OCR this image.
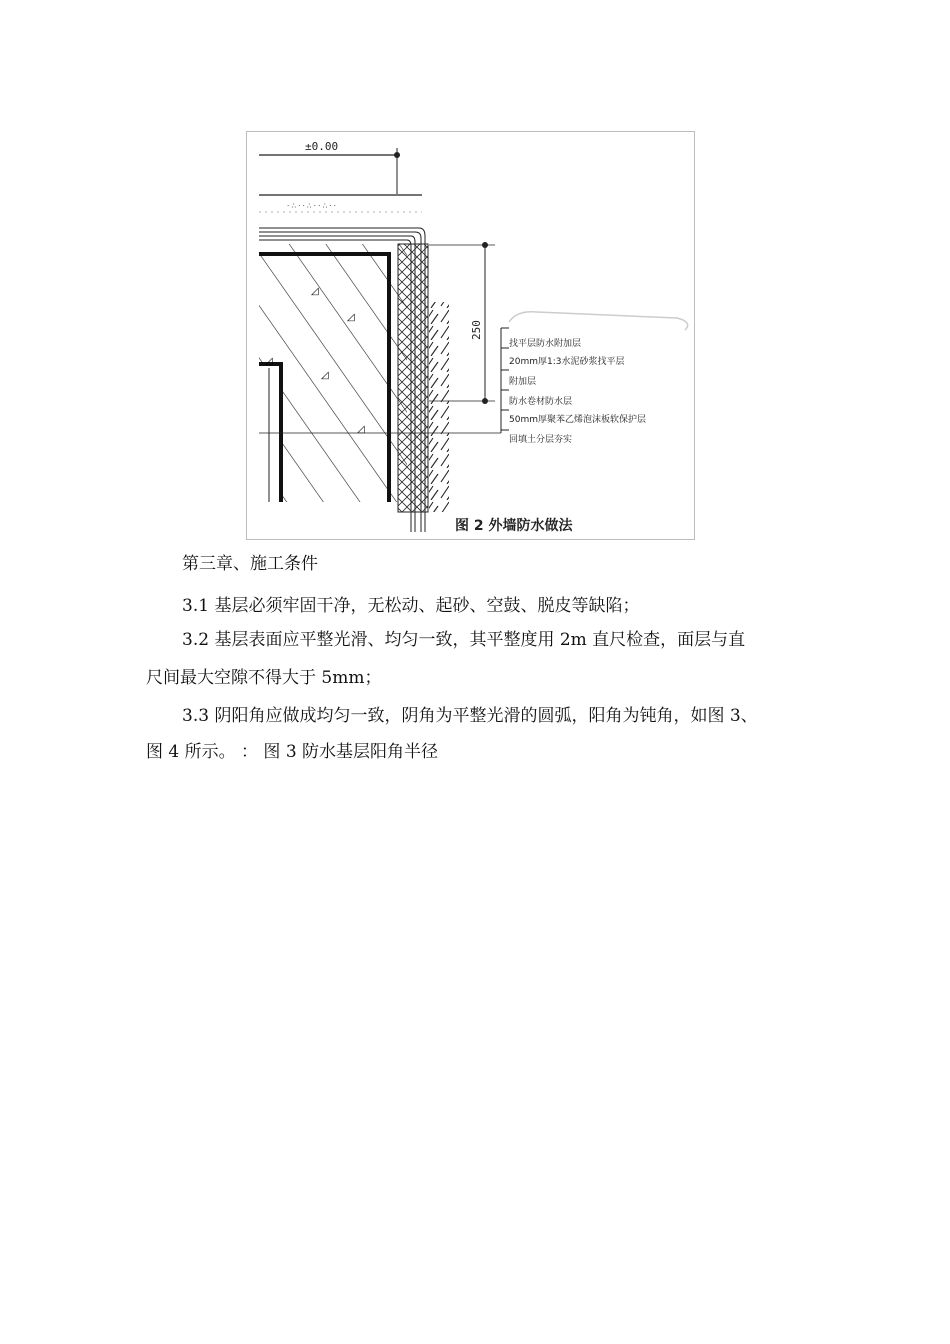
±0.00
· ∴ · · ∴ · · ∴ · ·
◿
◿
◿
◿
◿
250
找平层防水附加层
20mm厚1:3水泥砂浆找平层
附加层
防水卷材防水层
50mm厚聚苯乙烯泡沫板软保护层
回填土分层夯实
图 2 外墙防水做法

第三章、施工条件

3.1 基层必须牢固干净，无松动、起砂、空鼓、脱皮等缺陷；

3.2 基层表面应平整光滑、均匀一致，其平整度用 2m 直尺检查，面层与直

尺间最大空隙不得大于 5mm；

3.3 阴阳角应做成均匀一致，阴角为平整光滑的圆弧，阳角为钝角，如图 3、

图 4 所示。 ： 图 3 防水基层阳角半径
